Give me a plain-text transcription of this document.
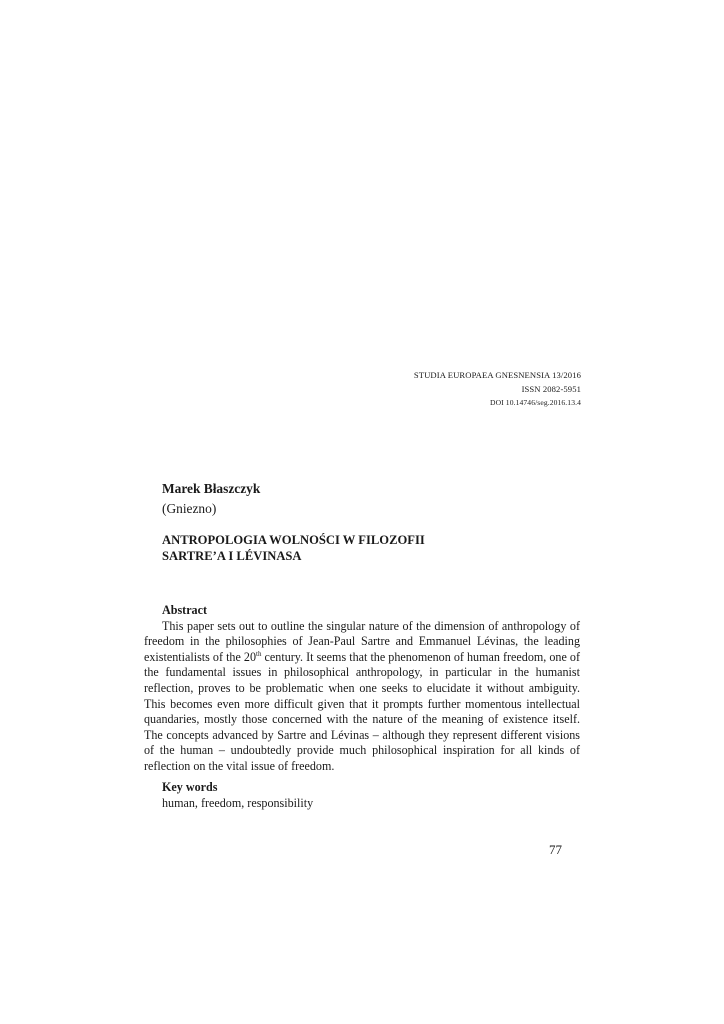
STUDIA EUROPAEA GNESNENSIA 13/2016
ISSN 2082-5951
DOI 10.14746/seg.2016.13.4
Marek Błaszczyk
(Gniezno)
ANTROPOLOGIA WOLNOŚCI W FILOZOFII
SARTRE’A I LÉVINASA
Abstract

This paper sets out to outline the singular nature of the dimension of anthropology of freedom in the philosophies of Jean-Paul Sartre and Emmanuel Lévinas, the leading existentialists of the 20th century. It seems that the phenomenon of human freedom, one of the fundamental issues in philosophical anthropology, in particular in the humanist reflection, proves to be problematic when one seeks to elucidate it without ambiguity. This becomes even more difficult given that it prompts further momentous intellectual quandaries, mostly those concerned with the nature of the meaning of existence itself. The concepts advanced by Sartre and Lévinas – although they represent different visions of the human – undoubtedly provide much philosophical inspiration for all kinds of reflection on the vital issue of freedom.

Key words
human, freedom, responsibility
77
